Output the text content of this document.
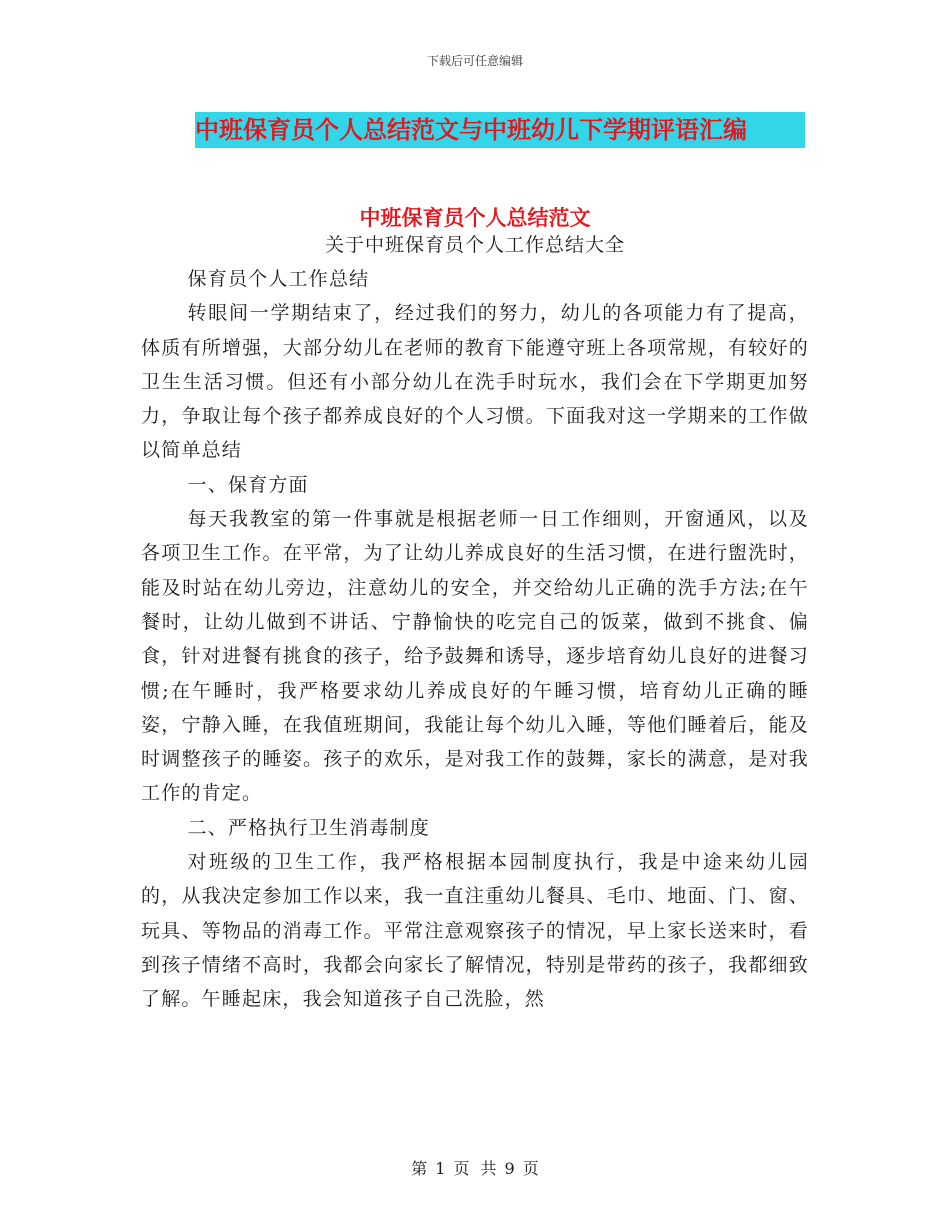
下载后可任意编辑
中班保育员个人总结范文与中班幼儿下学期评语汇编
中班保育员个人总结范文
关于中班保育员个人工作总结大全

保育员个人工作总结

转眼间一学期结束了，经过我们的努力，幼儿的各项能力有了提高，体质有所增强，大部分幼儿在老师的教育下能遵守班上各项常规，有较好的卫生生活习惯。但还有小部分幼儿在洗手时玩水，我们会在下学期更加努力，争取让每个孩子都养成良好的个人习惯。下面我对这一学期来的工作做以简单总结

一、保育方面

每天我教室的第一件事就是根据老师一日工作细则，开窗通风，以及各项卫生工作。在平常，为了让幼儿养成良好的生活习惯，在进行盥洗时，能及时站在幼儿旁边，注意幼儿的安全，并交给幼儿正确的洗手方法;在午餐时，让幼儿做到不讲话、宁静愉快的吃完自己的饭菜，做到不挑食、偏食，针对进餐有挑食的孩子，给予鼓舞和诱导，逐步培育幼儿良好的进餐习惯;在午睡时，我严格要求幼儿养成良好的午睡习惯，培育幼儿正确的睡姿，宁静入睡，在我值班期间，我能让每个幼儿入睡，等他们睡着后，能及时调整孩子的睡姿。孩子的欢乐，是对我工作的鼓舞，家长的满意，是对我工作的肯定。

二、严格执行卫生消毒制度

对班级的卫生工作，我严格根据本园制度执行，我是中途来幼儿园的，从我决定参加工作以来，我一直注重幼儿餐具、毛巾、地面、门、窗、玩具、等物品的消毒工作。平常注意观察孩子的情况，早上家长送来时，看到孩子情绪不高时，我都会向家长了解情况，特别是带药的孩子，我都细致了解。午睡起床，我会知道孩子自己洗脸，然

第 1 页 共 9 页
